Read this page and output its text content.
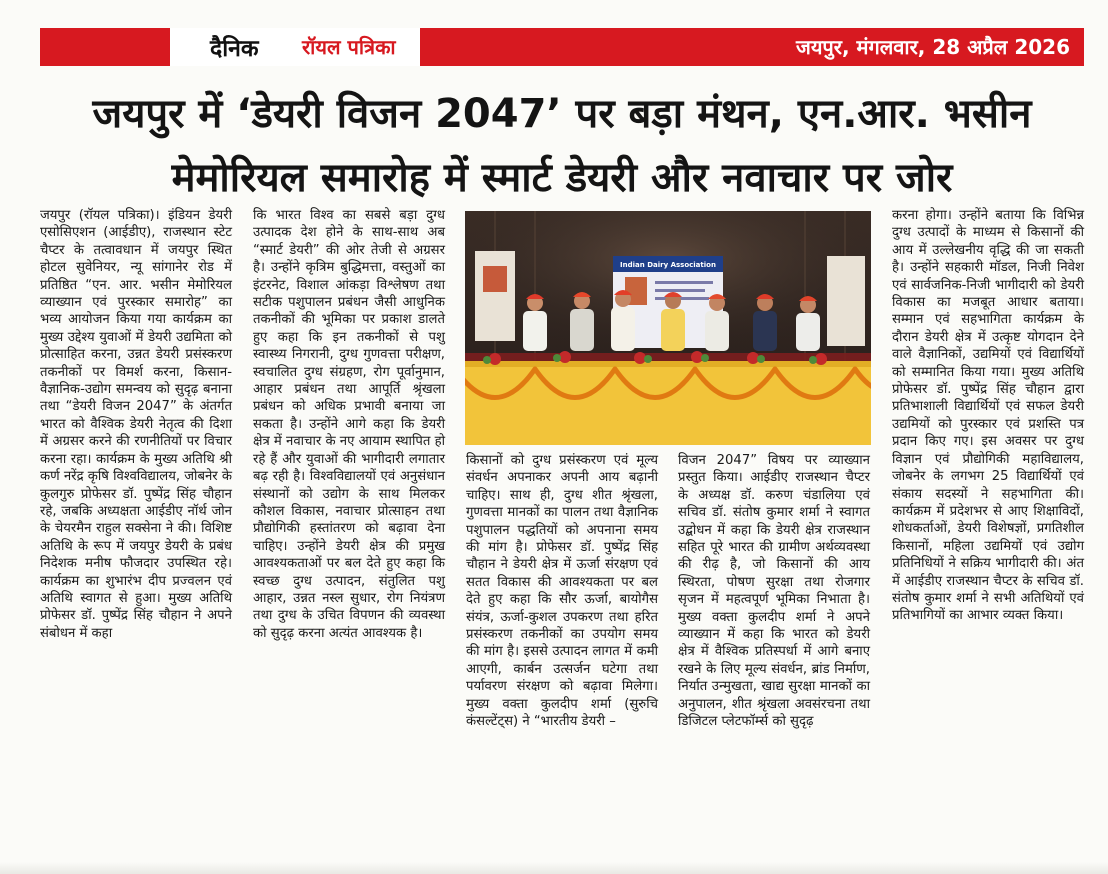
दैनिक रॉयल पत्रिका	जयपुर, मंगलवार, 28 अप्रैल 2026
जयपुर में ‘डेयरी विजन 2047’ पर बड़ा मंथन, एन.आर. भसीन
मेमोरियल समारोह में स्मार्ट डेयरी और नवाचार पर जोर
जयपुर (रॉयल पत्रिका)। इंडियन डेयरी एसोसिएशन (आईडीए), राजस्थान स्टेट चैप्टर के तत्वावधान में जयपुर स्थित होटल सुवेनियर, न्यू सांगानेर रोड में प्रतिष्ठित “एन. आर. भसीन मेमोरियल व्याख्यान एवं पुरस्कार समारोह” का भव्य आयोजन किया गया कार्यक्रम का मुख्य उद्देश्य युवाओं में डेयरी उद्यमिता को प्रोत्साहित करना, उन्नत डेयरी प्रसंस्करण तकनीकों पर विमर्श करना, किसान-वैज्ञानिक-उद्योग समन्वय को सुदृढ़ बनाना तथा “डेयरी विजन 2047” के अंतर्गत भारत को वैश्विक डेयरी नेतृत्व की दिशा में अग्रसर करने की रणनीतियों पर विचार करना रहा। कार्यक्रम के मुख्य अतिथि श्री कर्ण नरेंद्र कृषि विश्वविद्यालय, जोबनेर के कुलगुरु प्रोफेसर डॉ. पुष्पेंद्र सिंह चौहान रहे, जबकि अध्यक्षता आईडीए नॉर्थ जोन के चेयरमैन राहुल सक्सेना ने की। विशिष्ट अतिथि के रूप में जयपुर डेयरी के प्रबंध निदेशक मनीष फौजदार उपस्थित रहे। कार्यक्रम का शुभारंभ दीप प्रज्वलन एवं अतिथि स्वागत से हुआ। मुख्य अतिथि प्रोफेसर डॉ. पुष्पेंद्र सिंह चौहान ने अपने संबोधन में कहा
कि भारत विश्व का सबसे बड़ा दुग्ध उत्पादक देश होने के साथ-साथ अब “स्मार्ट डेयरी” की ओर तेजी से अग्रसर है। उन्होंने कृत्रिम बुद्धिमत्ता, वस्तुओं का इंटरनेट, विशाल आंकड़ा विश्लेषण तथा सटीक पशुपालन प्रबंधन जैसी आधुनिक तकनीकों की भूमिका पर प्रकाश डालते हुए कहा कि इन तकनीकों से पशु स्वास्थ्य निगरानी, दुग्ध गुणवत्ता परीक्षण, स्वचालित दुग्ध संग्रहण, रोग पूर्वानुमान, आहार प्रबंधन तथा आपूर्ति श्रृंखला प्रबंधन को अधिक प्रभावी बनाया जा सकता है। उन्होंने आगे कहा कि डेयरी क्षेत्र में नवाचार के नए आयाम स्थापित हो रहे हैं और युवाओं की भागीदारी लगातार बढ़ रही है। विश्वविद्यालयों एवं अनुसंधान संस्थानों को उद्योग के साथ मिलकर कौशल विकास, नवाचार प्रोत्साहन तथा प्रौद्योगिकी हस्तांतरण को बढ़ावा देना चाहिए। उन्होंने डेयरी क्षेत्र की प्रमुख आवश्यकताओं पर बल देते हुए कहा कि स्वच्छ दुग्ध उत्पादन, संतुलित पशु आहार, उन्नत नस्ल सुधार, रोग नियंत्रण तथा दुग्ध के उचित विपणन की व्यवस्था को सुदृढ़ करना अत्यंत आवश्यक है।
Indian Dairy Association
किसानों को दुग्ध प्रसंस्करण एवं मूल्य संवर्धन अपनाकर अपनी आय बढ़ानी चाहिए। साथ ही, दुग्ध शीत श्रृंखला, गुणवत्ता मानकों का पालन तथा वैज्ञानिक पशुपालन पद्धतियों को अपनाना समय की मांग है। प्रोफेसर डॉ. पुष्पेंद्र सिंह चौहान ने डेयरी क्षेत्र में ऊर्जा संरक्षण एवं सतत विकास की आवश्यकता पर बल देते हुए कहा कि सौर ऊर्जा, बायोगैस संयंत्र, ऊर्जा-कुशल उपकरण तथा हरित प्रसंस्करण तकनीकों का उपयोग समय की मांग है। इससे उत्पादन लागत में कमी आएगी, कार्बन उत्सर्जन घटेगा तथा पर्यावरण संरक्षण को बढ़ावा मिलेगा। मुख्य वक्ता कुलदीप शर्मा (सुरुचि कंसल्टेंट्स) ने “भारतीय डेयरी –
विजन 2047” विषय पर व्याख्यान प्रस्तुत किया। आईडीए राजस्थान चैप्टर के अध्यक्ष डॉ. करुण चंडालिया एवं सचिव डॉ. संतोष कुमार शर्मा ने स्वागत उद्बोधन में कहा कि डेयरी क्षेत्र राजस्थान सहित पूरे भारत की ग्रामीण अर्थव्यवस्था की रीढ़ है, जो किसानों की आय स्थिरता, पोषण सुरक्षा तथा रोजगार सृजन में महत्वपूर्ण भूमिका निभाता है। मुख्य वक्ता कुलदीप शर्मा ने अपने व्याख्यान में कहा कि भारत को डेयरी क्षेत्र में वैश्विक प्रतिस्पर्धा में आगे बनाए रखने के लिए मूल्य संवर्धन, ब्रांड निर्माण, निर्यात उन्मुखता, खाद्य सुरक्षा मानकों का अनुपालन, शीत श्रृंखला अवसंरचना तथा डिजिटल प्लेटफॉर्म्स को सुदृढ़
करना होगा। उन्होंने बताया कि विभिन्न दुग्ध उत्पादों के माध्यम से किसानों की आय में उल्लेखनीय वृद्धि की जा सकती है। उन्होंने सहकारी मॉडल, निजी निवेश एवं सार्वजनिक-निजी भागीदारी को डेयरी विकास का मजबूत आधार बताया। सम्मान एवं सहभागिता कार्यक्रम के दौरान डेयरी क्षेत्र में उत्कृष्ट योगदान देने वाले वैज्ञानिकों, उद्यमियों एवं विद्यार्थियों को सम्मानित किया गया। मुख्य अतिथि प्रोफेसर डॉ. पुष्पेंद्र सिंह चौहान द्वारा प्रतिभाशाली विद्यार्थियों एवं सफल डेयरी उद्यमियों को पुरस्कार एवं प्रशस्ति पत्र प्रदान किए गए। इस अवसर पर दुग्ध विज्ञान एवं प्रौद्योगिकी महाविद्यालय, जोबनेर के लगभग 25 विद्यार्थियों एवं संकाय सदस्यों ने सहभागिता की। कार्यक्रम में प्रदेशभर से आए शिक्षाविदों, शोधकर्ताओं, डेयरी विशेषज्ञों, प्रगतिशील किसानों, महिला उद्यमियों एवं उद्योग प्रतिनिधियों ने सक्रिय भागीदारी की। अंत में आईडीए राजस्थान चैप्टर के सचिव डॉ. संतोष कुमार शर्मा ने सभी अतिथियों एवं प्रतिभागियों का आभार व्यक्त किया।
